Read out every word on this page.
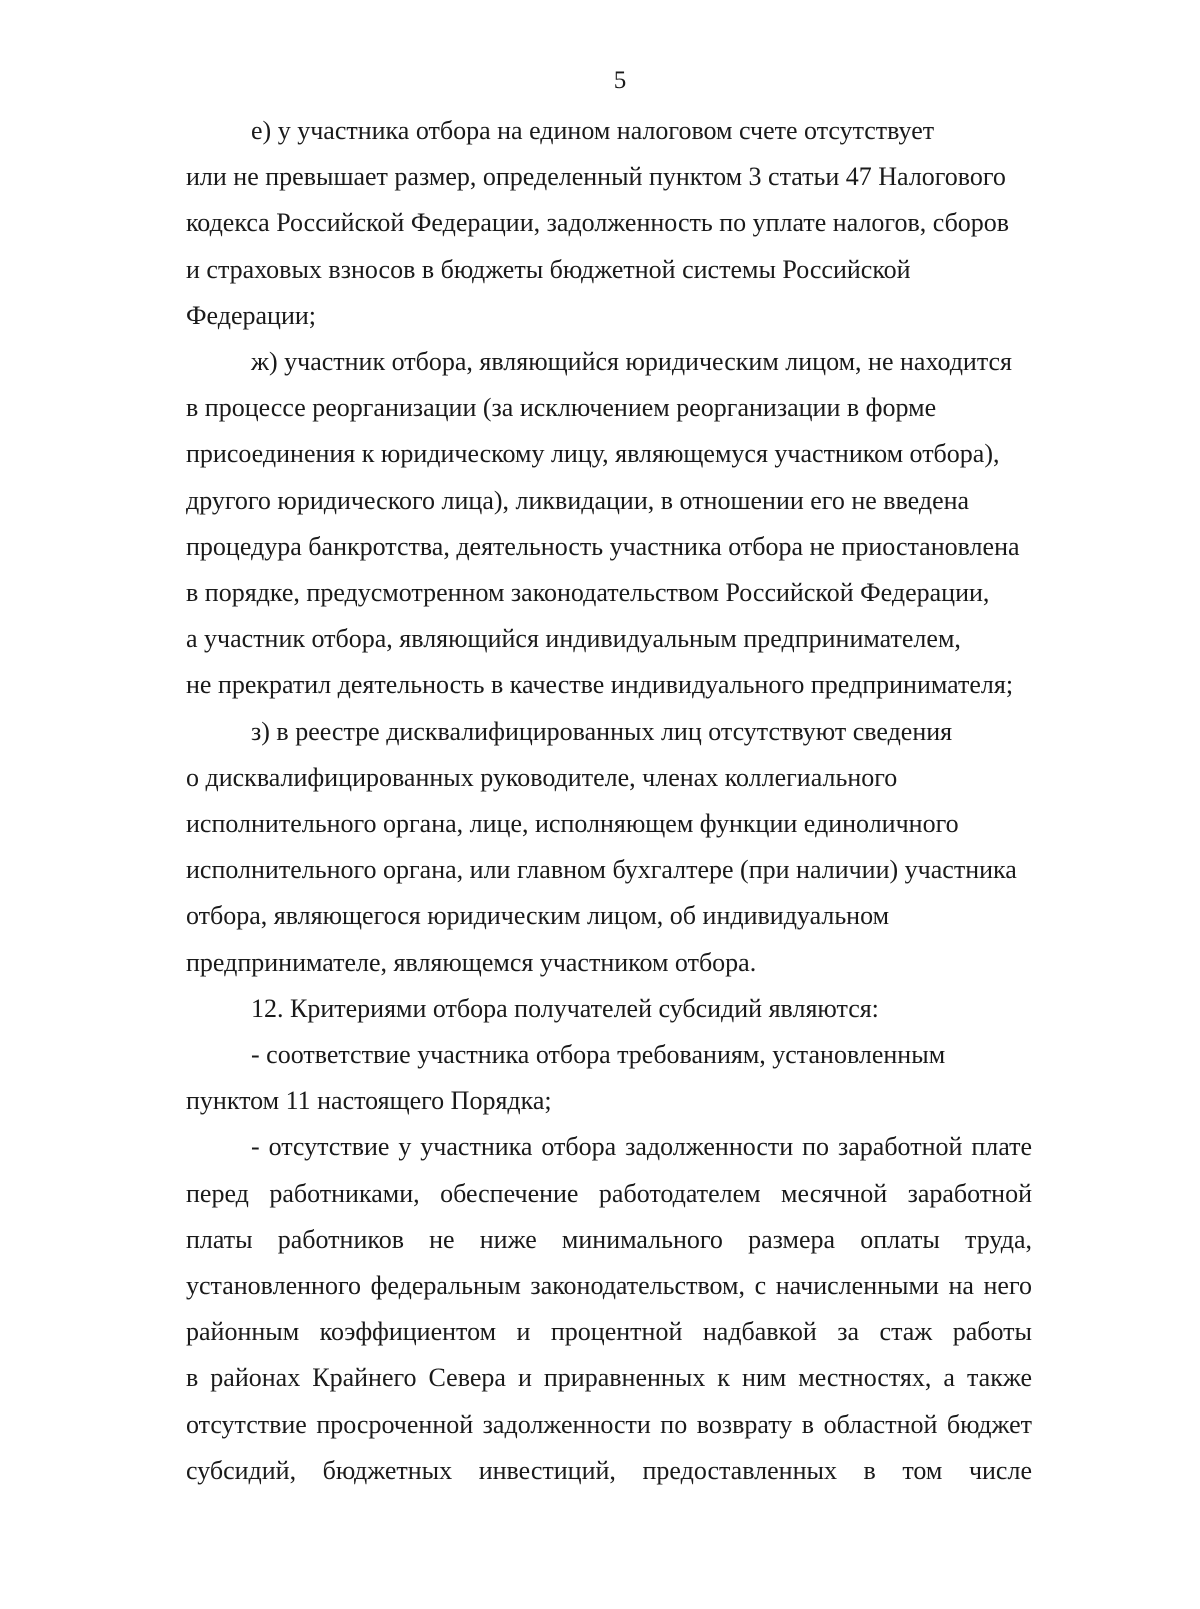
5

е) у участника отбора на едином налоговом счете отсутствует
или не превышает размер, определенный пунктом 3 статьи 47 Налогового
кодекса Российской Федерации, задолженность по уплате налогов, сборов
и страховых взносов в бюджеты бюджетной системы Российской
Федерации;

ж) участник отбора, являющийся юридическим лицом, не находится
в процессе реорганизации (за исключением реорганизации в форме
присоединения к юридическому лицу, являющемуся участником отбора),
другого юридического лица), ликвидации, в отношении его не введена
процедура банкротства, деятельность участника отбора не приостановлена
в порядке, предусмотренном законодательством Российской Федерации,
а участник отбора, являющийся индивидуальным предпринимателем,
не прекратил деятельность в качестве индивидуального предпринимателя;

з) в реестре дисквалифицированных лиц отсутствуют сведения
о дисквалифицированных руководителе, членах коллегиального
исполнительного органа, лице, исполняющем функции единоличного
исполнительного органа, или главном бухгалтере (при наличии) участника
отбора, являющегося юридическим лицом, об индивидуальном
предпринимателе, являющемся участником отбора.

12. Критериями отбора получателей субсидий являются:

- соответствие участника отбора требованиям, установленным
пунктом 11 настоящего Порядка;

- отсутствие у участника отбора задолженности по заработной плате
перед работниками, обеспечение работодателем месячной заработной
платы работников не ниже минимального размера оплаты труда,
установленного федеральным законодательством, с начисленными на него
районным коэффициентом и процентной надбавкой за стаж работы
в районах Крайнего Севера и приравненных к ним местностях, а также
отсутствие просроченной задолженности по возврату в областной бюджет
субсидий, бюджетных инвестиций, предоставленных в том числе
